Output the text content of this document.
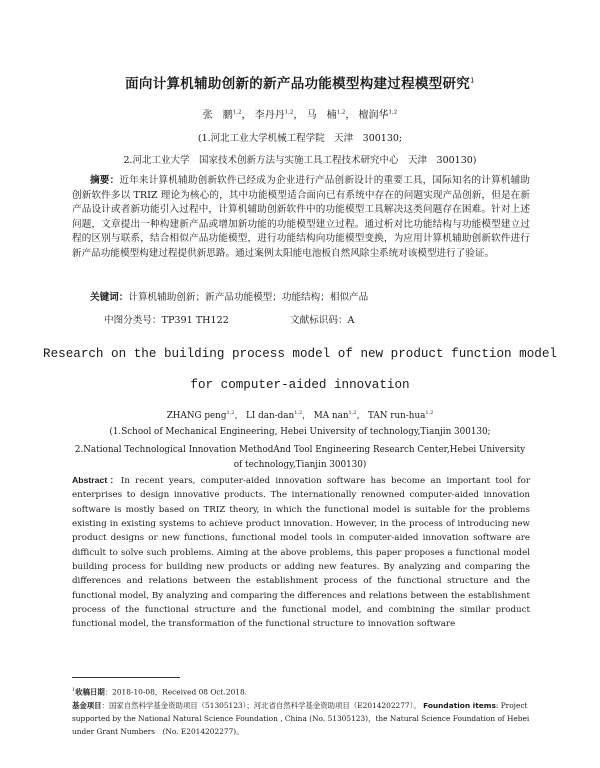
面向计算机辅助创新的新产品功能模型构建过程模型研究$^1$
张　鹏$^{1,2}$， 李丹丹$^{1,2}$， 马　楠$^{1,2}$， 檀润华$^{1,2}$
(1.河北工业大学机械工程学院　天津　300130;
2.河北工业大学　国家技术创新方法与实施工具工程技术研究中心　天津　300130)
摘要：近年来计算机辅助创新软件已经成为企业进行产品创新设计的重要工具，国际知名的计算机辅助创新软件多以 TRIZ 理论为核心的，其中功能模型适合面向已有系统中存在的问题实现产品创新，但是在新产品设计或者新功能引入过程中，计算机辅助创新软件中的功能模型工具解决这类问题存在困难。针对上述问题，文章提出一种构建新产品或增加新功能的功能模型建立过程。通过析对比功能结构与功能模型建立过程的区别与联系，结合相似产品功能模型，进行功能结构向功能模型变换，为应用计算机辅助创新软件进行新产品功能模型构建过程提供新思路。通过案例太阳能电池板自然风除尘系统对该模型进行了验证。
关键词：计算机辅助创新；新产品功能模型；功能结构；相似产品
中图分类号：TP391 TH122	文献标识码：A
Research on the building process model of new product function model
for computer-aided innovation
ZHANG peng$^{1,2}$， LI dan-dan$^{1,2}$， MA nan$^{1,2}$， TAN run-hua$^{1,2}$
(1.School of Mechanical Engineering, Hebei University of technology,Tianjin 300130;
2.National Technological Innovation MethodAnd Tool Engineering Research Center,Hebei University of technology,Tianjin 300130)
Abstract：In recent years, computer-aided innovation software has become an important tool for enterprises to design innovative products. The internationally renowned computer-aided innovation software is mostly based on TRIZ theory, in which the functional model is suitable for the problems existing in existing systems to achieve product innovation. However, in the process of introducing new product designs or new functions, functional model tools in computer-aided innovation software are difficult to solve such problems. Aiming at the above problems, this paper proposes a functional model building process for building new products or adding new features. By analyzing and comparing the differences and relations between the establishment process of the functional structure and the functional model, By analyzing and comparing the differences and relations between the establishment process of the functional structure and the functional model, and combining the similar product functional model, the transformation of the functional structure to innovation software
$^1$收稿日期：2018-10-08，Received 08 Oct.2018.
基金项目：国家自然科学基金资助项目（51305123）；河北省自然科学基金资助项目（E2014202277）。 Foundation items: Project supported by the National Natural Science Foundation , China (No. 51305123)，the Natural Science Foundation of Hebei under Grant Numbers　(No. E2014202277)。
